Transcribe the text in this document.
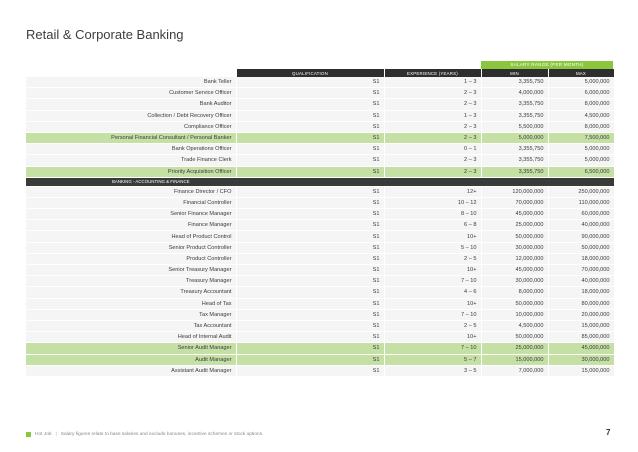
Retail & Corporate Banking
SALARY RANGE (PER MONTH)
	QUALIFICATION	EXPERIENCE (YEARS)	MIN	MAX
Bank Teller	S1	1 – 3	3,355,750	5,000,000
Customer Service Officer	S1	2 – 3	4,000,000	6,000,000
Bank Auditor	S1	2 – 3	3,355,750	8,000,000
Collection / Debt Recovery Officer	S1	1 – 3	3,355,750	4,500,000
Compliance Officer	S1	2 – 3	5,500,000	8,000,000
Personal Financial Consultant / Personal Banker	S1	2 – 3	5,000,000	7,500,000
Bank Operations Officer	S1	0 – 1	3,355,750	5,000,000
Trade Finance Clerk	S1	2 – 3	3,355,750	5,000,000
Priority Acquisition Officer	S1	2 – 3	3,355,750	6,500,000
BANKING - ACCOUNTING & FINANCE				
Finance Director / CFO	S1	12+	120,000,000	250,000,000
Financial Controller	S1	10 – 12	70,000,000	110,000,000
Senior Finance Manager	S1	8 – 10	45,000,000	60,000,000
Finance Manager	S1	6 – 8	25,000,000	40,000,000
Head of Product Control	S1	10+	50,000,000	90,000,000
Senior Product Controller	S1	5 – 10	30,000,000	50,000,000
Product Controller	S1	2 – 5	12,000,000	18,000,000
Senior Treasury Manager	S1	10+	45,000,000	70,000,000
Treasury Manager	S1	7 – 10	30,000,000	40,000,000
Treasury Accountant	S1	4 – 6	8,000,000	18,000,000
Head of Tax	S1	10+	50,000,000	80,000,000
Tax Manager	S1	7 – 10	10,000,000	20,000,000
Tax Accountant	S1	2 – 5	4,500,000	15,000,000
Head of Internal Audit	S1	10+	50,000,000	85,000,000
Senior Audit Manager	S1	7 – 10	25,000,000	45,000,000
Audit Manager	S1	5 – 7	15,000,000	30,000,000
Assistant Audit Manager	S1	3 – 5	7,000,000	15,000,000
Hot Job | Salary figures relate to base salaries and exclude bonuses, incentive schemes or stock options.	7
